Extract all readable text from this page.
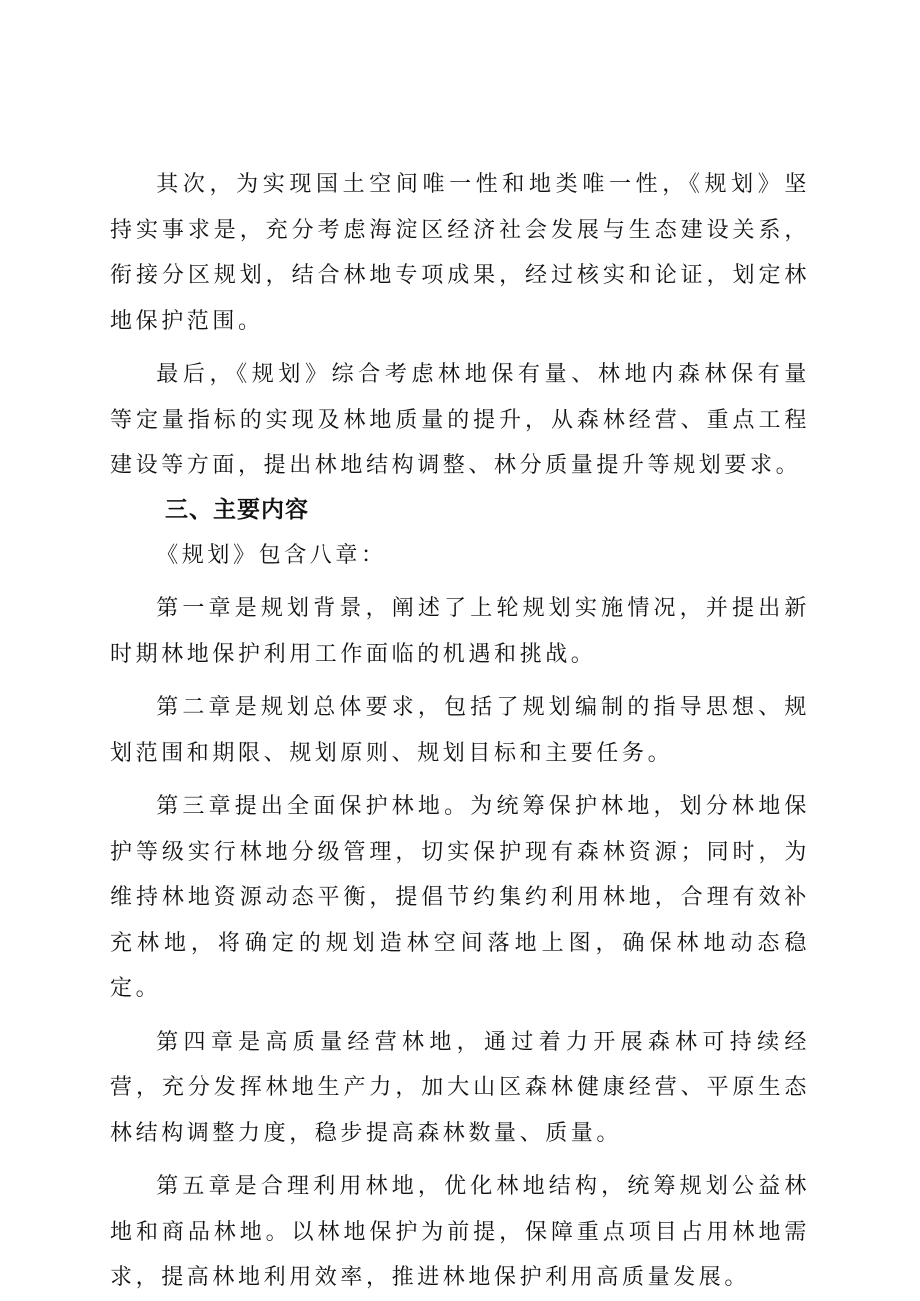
其次，为实现国土空间唯一性和地类唯一性，《规划》坚持实事求是，充分考虑海淀区经济社会发展与生态建设关系，衔接分区规划，结合林地专项成果，经过核实和论证，划定林地保护范围。

最后，《规划》综合考虑林地保有量、林地内森林保有量等定量指标的实现及林地质量的提升，从森林经营、重点工程建设等方面，提出林地结构调整、林分质量提升等规划要求。

三、主要内容

《规划》包含八章：

第一章是规划背景，阐述了上轮规划实施情况，并提出新时期林地保护利用工作面临的机遇和挑战。

第二章是规划总体要求，包括了规划编制的指导思想、规划范围和期限、规划原则、规划目标和主要任务。

第三章提出全面保护林地。为统筹保护林地，划分林地保护等级实行林地分级管理，切实保护现有森林资源；同时，为维持林地资源动态平衡，提倡节约集约利用林地，合理有效补充林地，将确定的规划造林空间落地上图，确保林地动态稳定。

第四章是高质量经营林地，通过着力开展森林可持续经营，充分发挥林地生产力，加大山区森林健康经营、平原生态林结构调整力度，稳步提高森林数量、质量。

第五章是合理利用林地，优化林地结构，统筹规划公益林地和商品林地。以林地保护为前提，保障重点项目占用林地需求，提高林地利用效率，推进林地保护利用高质量发展。
